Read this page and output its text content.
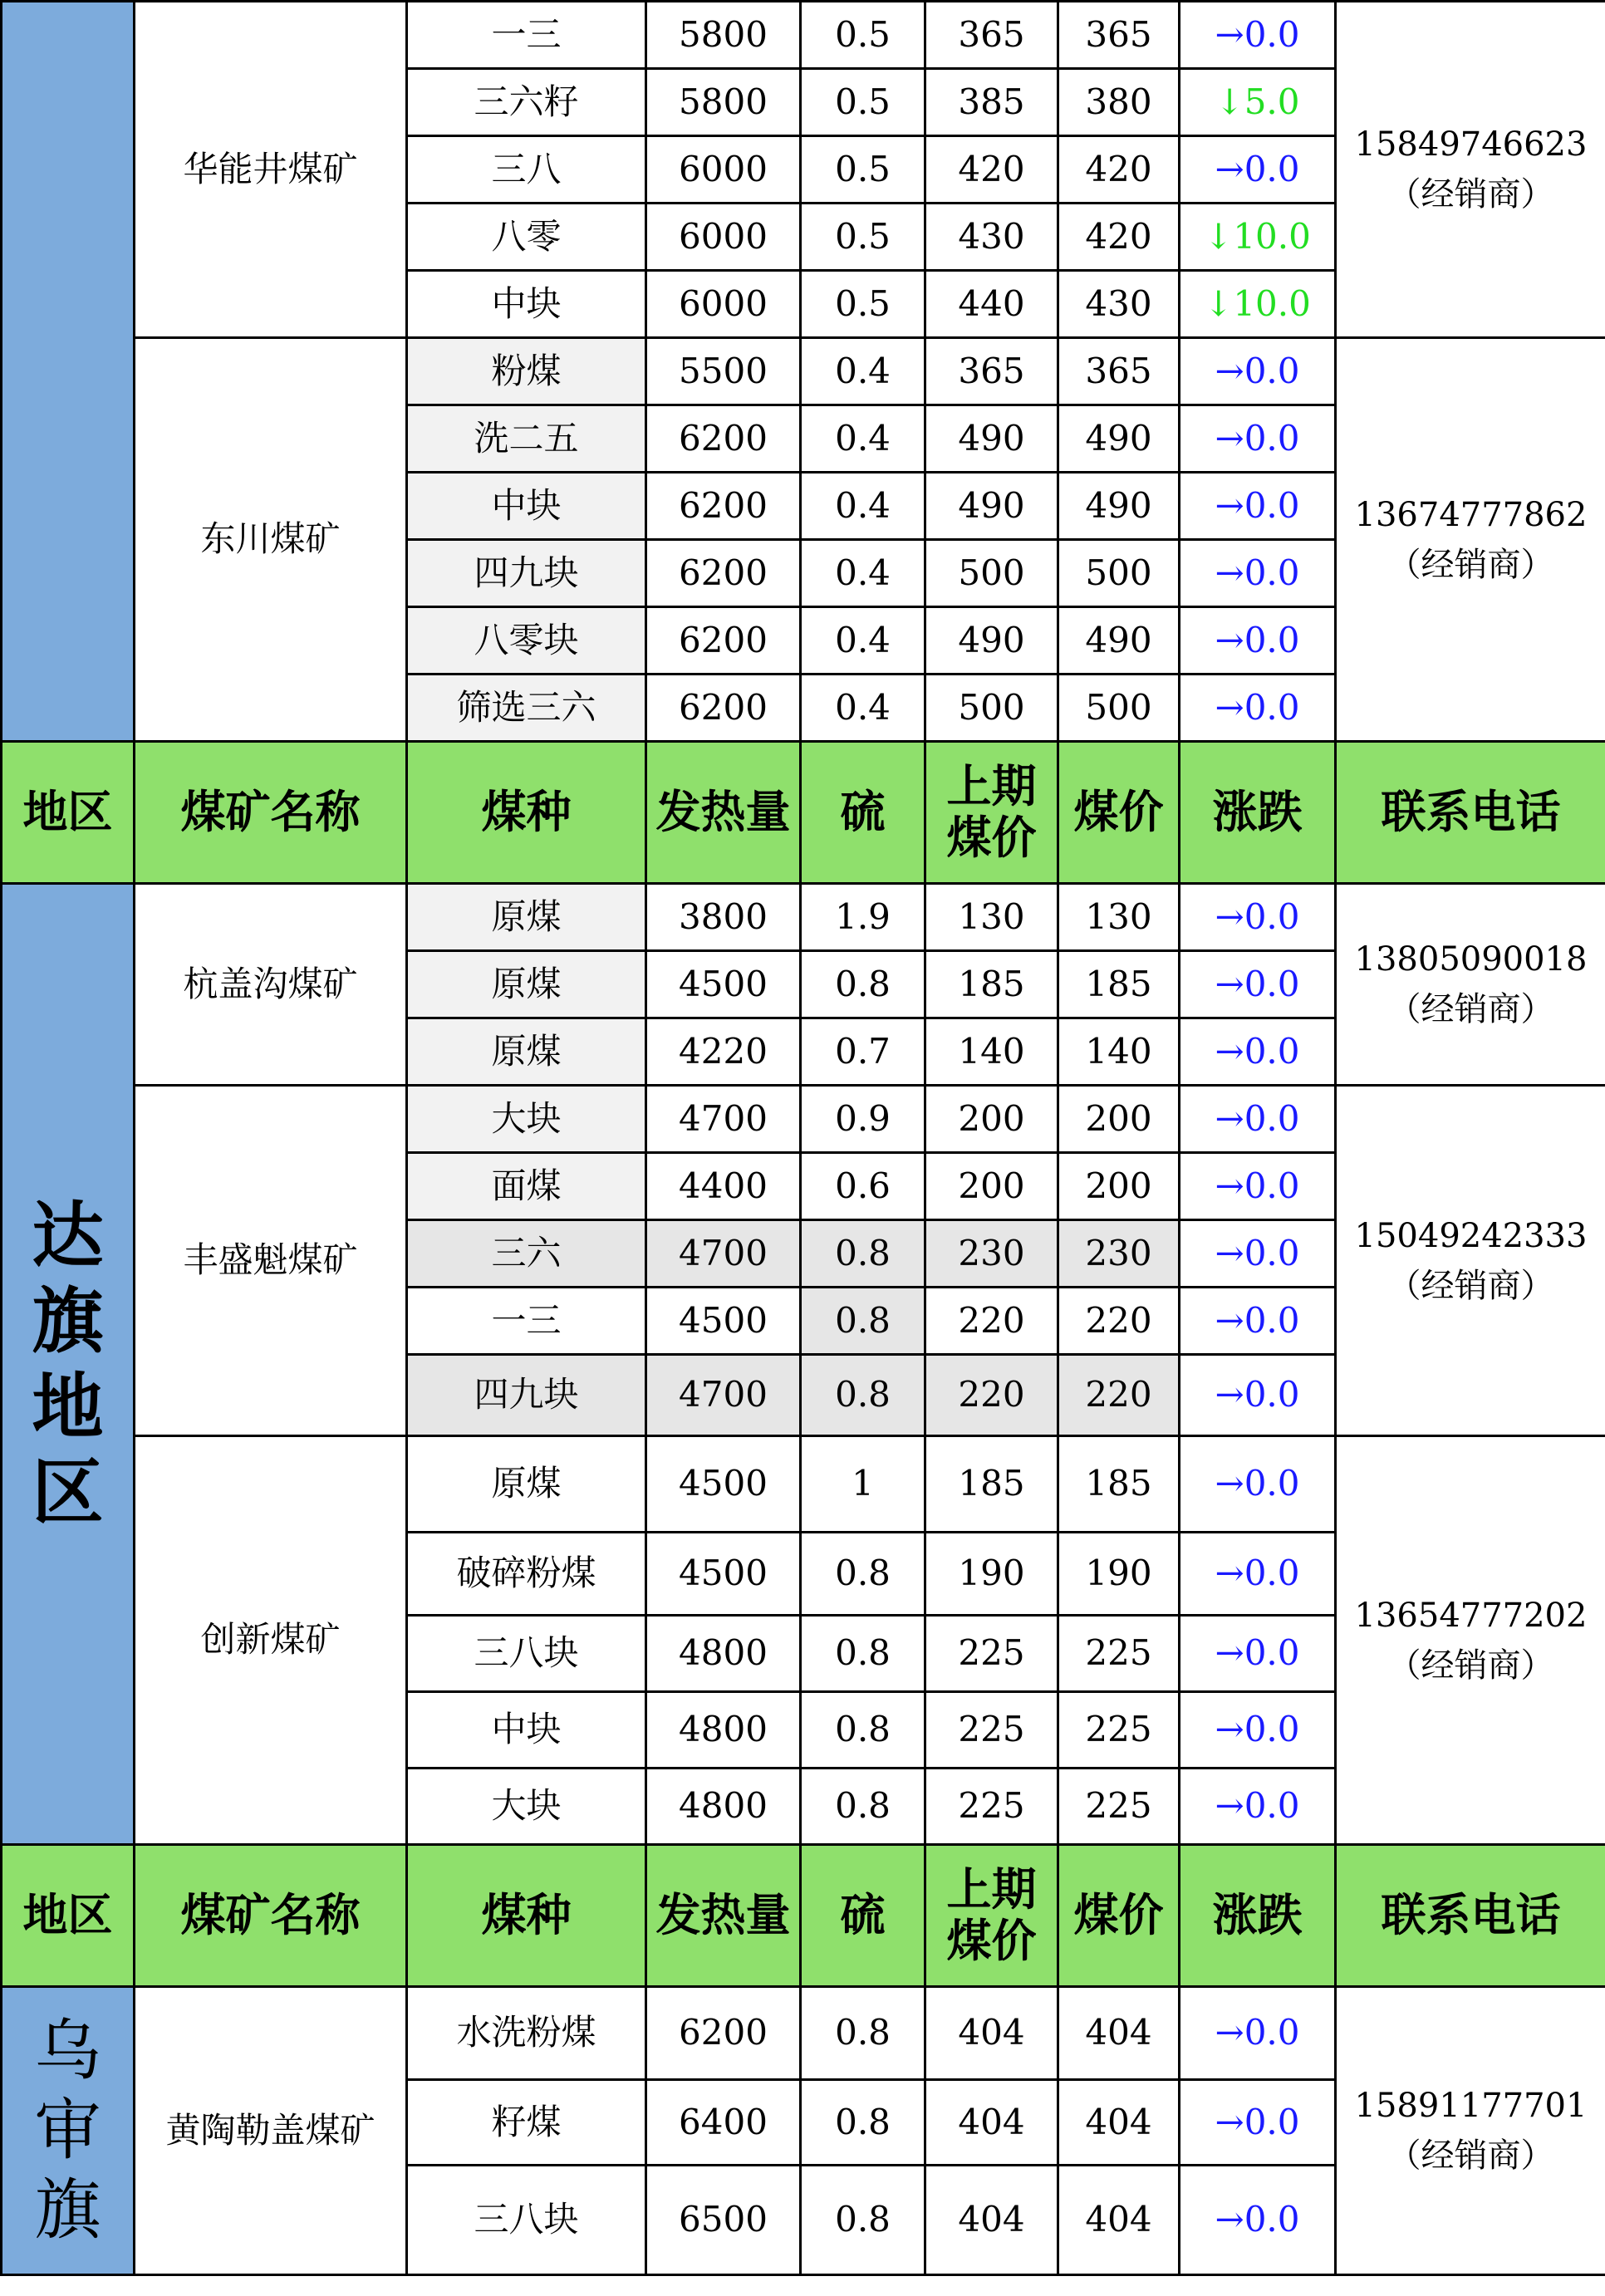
	华能井煤矿	一三	5800	0.5	365	365	→0.0	15849746623
（经销商）

		三六籽	5800	0.5	385	380	↓5.0	
		三八	6000	0.5	420	420	→0.0	
		八零	6000	0.5	430	420	↓10.0	
		中块	6000	0.5	440	430	↓10.0	
	东川煤矿	粉煤	5500	0.4	365	365	→0.0	13674777862
（经销商）

		洗二五	6200	0.4	490	490	→0.0	
		中块	6200	0.4	490	490	→0.0	
		四九块	6200	0.4	500	500	→0.0	
		八零块	6200	0.4	490	490	→0.0	
		筛选三六	6200	0.4	500	500	→0.0	
地区	煤矿名称	煤种	发热量	硫	上期煤价	煤价	涨跌	联系电话

达
旗
地
区	杭盖沟煤矿	原煤	3800	1.9	130	130	→0.0	13805090018
（经销商）

		原煤	4500	0.8	185	185	→0.0	
		原煤	4220	0.7	140	140	→0.0	
	丰盛魁煤矿	大块	4700	0.9	200	200	→0.0	15049242333
（经销商）

		面煤	4400	0.6	200	200	→0.0	
		三六	4700	0.8	230	230	→0.0	
		一三	4500	0.8	220	220	→0.0	
		四九块	4700	0.8	220	220	→0.0	
	创新煤矿	原煤	4500	1	185	185	→0.0	13654777202
（经销商）

		破碎粉煤	4500	0.8	190	190	→0.0	
		三八块	4800	0.8	225	225	→0.0	
		中块	4800	0.8	225	225	→0.0	
		大块	4800	0.8	225	225	→0.0	
地区	煤矿名称	煤种	发热量	硫	上期煤价	煤价	涨跌	联系电话

乌
审
旗	黄陶勒盖煤矿	水洗粉煤	6200	0.8	404	404	→0.0	15891177701
（经销商）

		籽煤	6400	0.8	404	404	→0.0	
		三八块	6500	0.8	404	404	→0.0	
